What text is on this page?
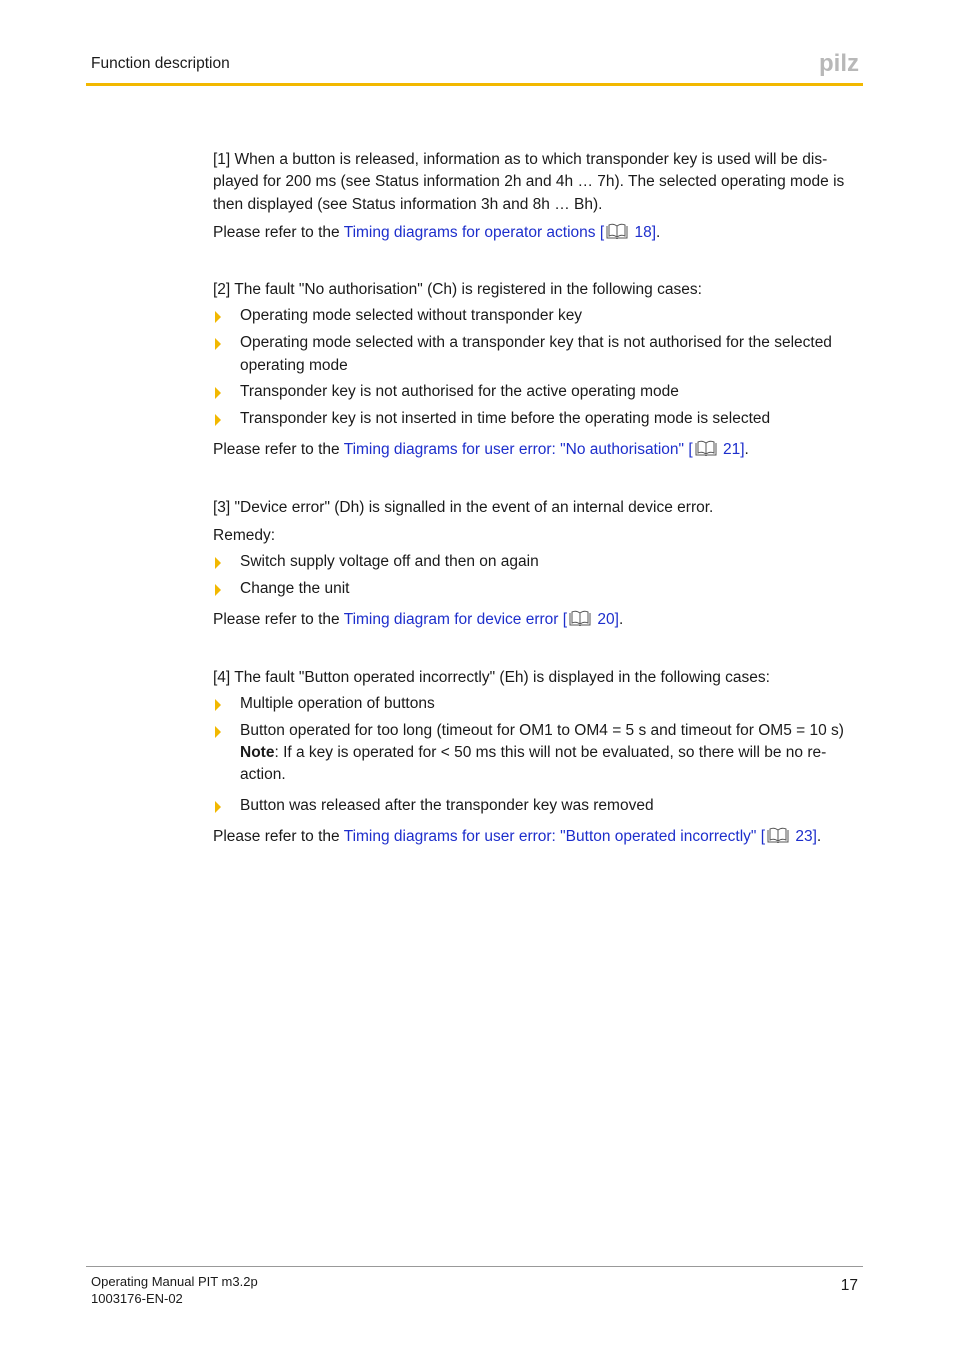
Function description	pilz

[1] When a button is released, information as to which transponder key is used will be displayed for 200 ms (see Status information 2h and 4h … 7h). The selected operating mode is then displayed (see Status information 3h and 8h … Bh).

Please refer to the Timing diagrams for operator actions [ 18].

[2] The fault "No authorisation" (Ch) is registered in the following cases:

Operating mode selected without transponder key
Operating mode selected with a transponder key that is not authorised for the selected operating mode
Transponder key is not authorised for the active operating mode
Transponder key is not inserted in time before the operating mode is selected

Please refer to the Timing diagrams for user error: "No authorisation" [ 21].

[3] "Device error" (Dh) is signalled in the event of an internal device error.

Remedy:

Switch supply voltage off and then on again
Change the unit

Please refer to the Timing diagram for device error [ 20].

[4] The fault "Button operated incorrectly" (Eh) is displayed in the following cases:

Multiple operation of buttons
Button operated for too long (timeout for OM1 to OM4 = 5 s and timeout for OM5 = 10 s)
Note: If a key is operated for < 50 ms this will not be evaluated, so there will be no reaction.
Button was released after the transponder key was removed

Please refer to the Timing diagrams for user error: "Button operated incorrectly" [ 23].

Operating Manual PIT m3.2p
1003176-EN-02
17
